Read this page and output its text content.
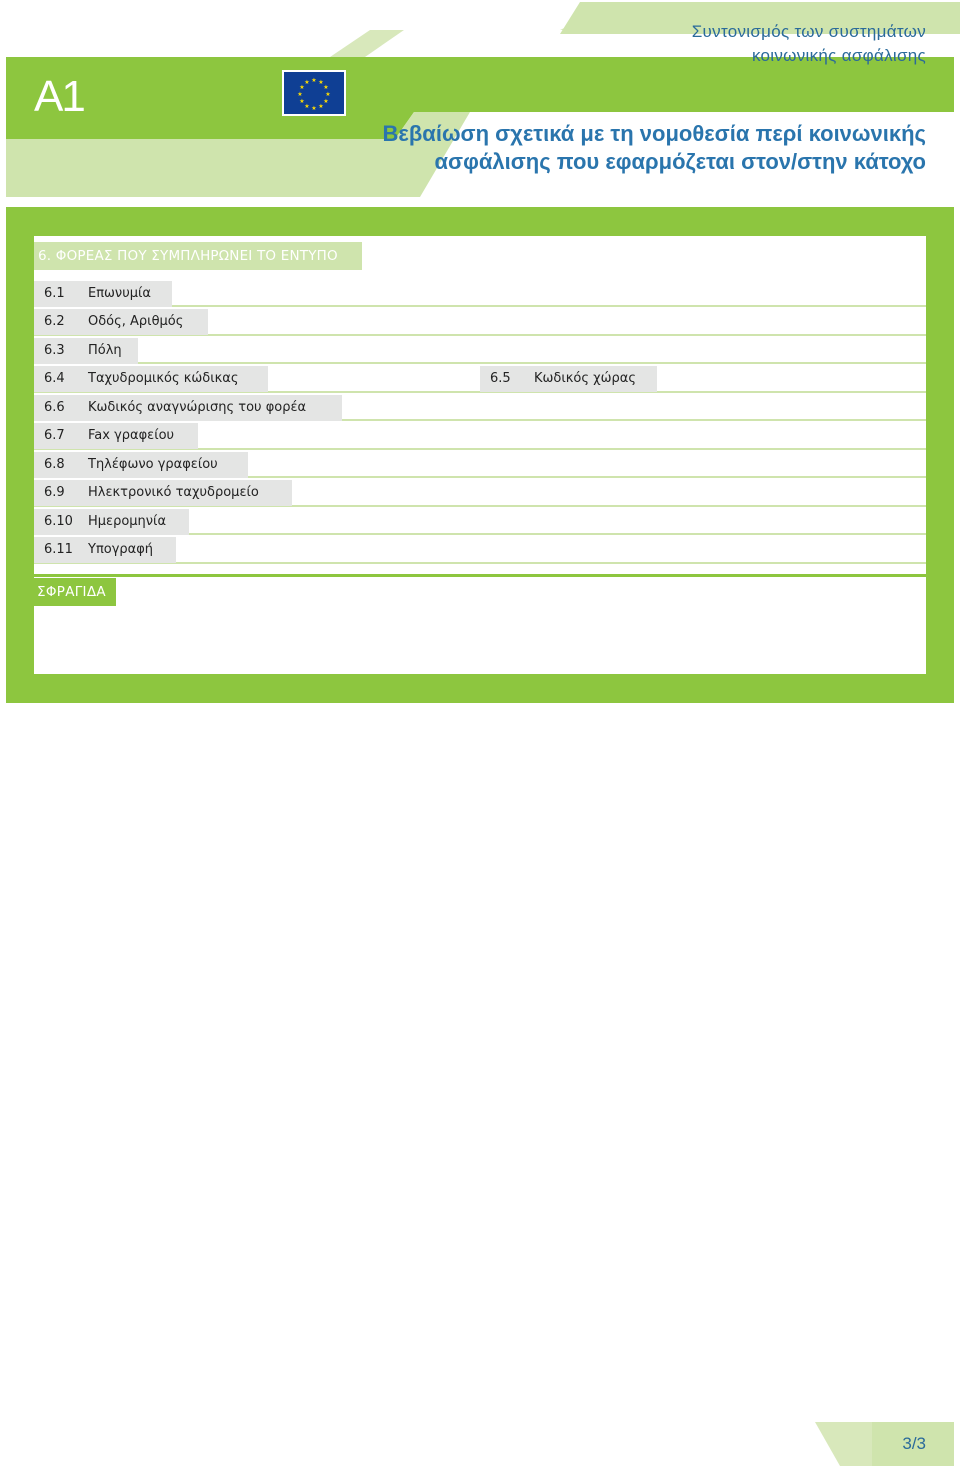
A1	★ ★
★
★
★
★
★
★
★
★
★
★
Συντονισμός των συστημάτων
κοινωνικής ασφάλισης
Βεβαίωση σχετικά με τη νομοθεσία περί κοινωνικής
ασφάλισης που εφαρμόζεται στον/στην κάτοχο
6. ΦΟΡΕΑΣ ΠΟΥ ΣΥΜΠΛΗΡΩΝΕΙ ΤΟ ΕΝΤΥΠΟ
6.1 Επωνυμία
6.2 Οδός, Αριθμός
6.3 Πόλη
6.4 Ταχυδρομικός κώδικας	6.5 Κωδικός χώρας
6.6 Κωδικός αναγνώρισης του φορέα
6.7 Fax γραφείου
6.8 Τηλέφωνο γραφείου
6.9 Ηλεκτρονικό ταχυδρομείο
6.10 Ημερομηνία
6.11 Υπογραφή
ΣΦΡΑΓΙΔΑ
3/3
